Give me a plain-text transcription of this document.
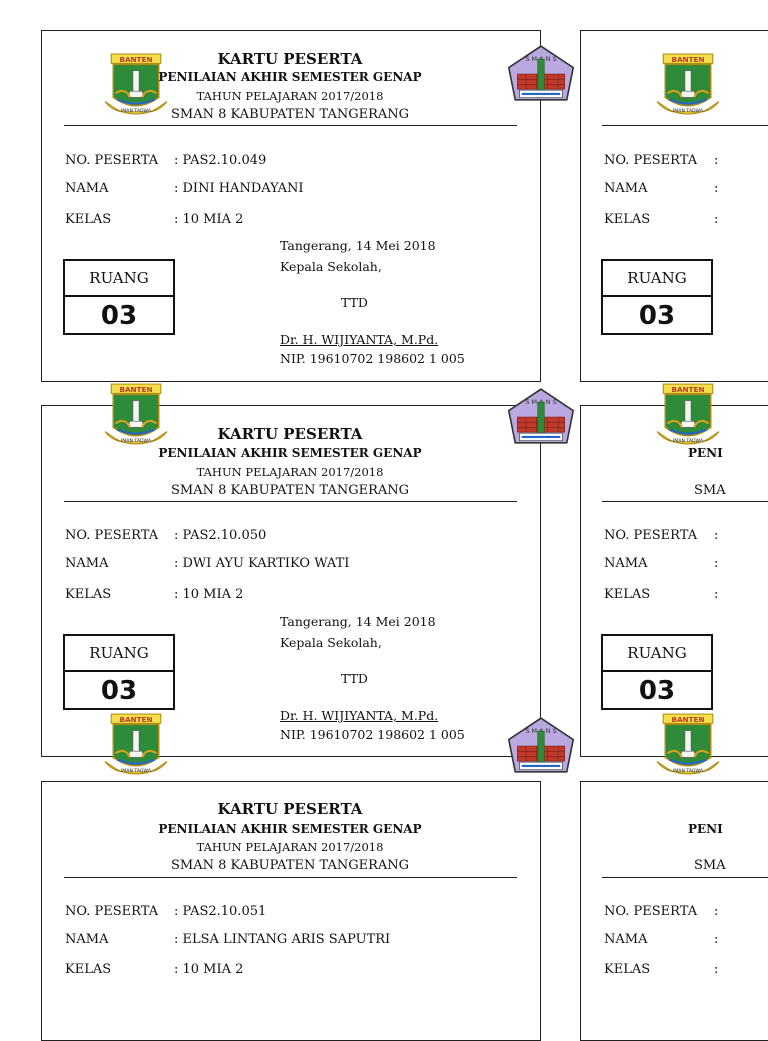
KARTU PESERTA
PENILAIAN AKHIR SEMESTER GENAP
TAHUN PELAJARAN 2017/2018
SMAN 8 KABUPATEN TANGERANG
NO. PESERTA : PAS2.10.049
NAMA	: DINI HANDAYANI
KELAS	: 10 MIA 2
RUANG
03
Tangerang, 14 Mei 2018
Kepala Sekolah,
TTD
Dr. H. WIJIYANTA, M.Pd.
NIP. 19610702 198602 1 005
NO. PESERTA :
NAMA	:
KELAS	:
RUANG
03
KARTU PESERTA
PENILAIAN AKHIR SEMESTER GENAP
TAHUN PELAJARAN 2017/2018
SMAN 8 KABUPATEN TANGERANG
NO. PESERTA : PAS2.10.050
NAMA	: DWI AYU KARTIKO WATI
KELAS	: 10 MIA 2
RUANG
03
Tangerang, 14 Mei 2018
Kepala Sekolah,
TTD
Dr. H. WIJIYANTA, M.Pd.
NIP. 19610702 198602 1 005
PENI
SMA
NO. PESERTA :
NAMA	:
KELAS	:
RUANG
03
KARTU PESERTA
PENILAIAN AKHIR SEMESTER GENAP
TAHUN PELAJARAN 2017/2018
SMAN 8 KABUPATEN TANGERANG
NO. PESERTA : PAS2.10.051
NAMA	: ELSA LINTANG ARIS SAPUTRI
KELAS	: 10 MIA 2
PENI
SMA
NO. PESERTA :
NAMA	:
KELAS	:
